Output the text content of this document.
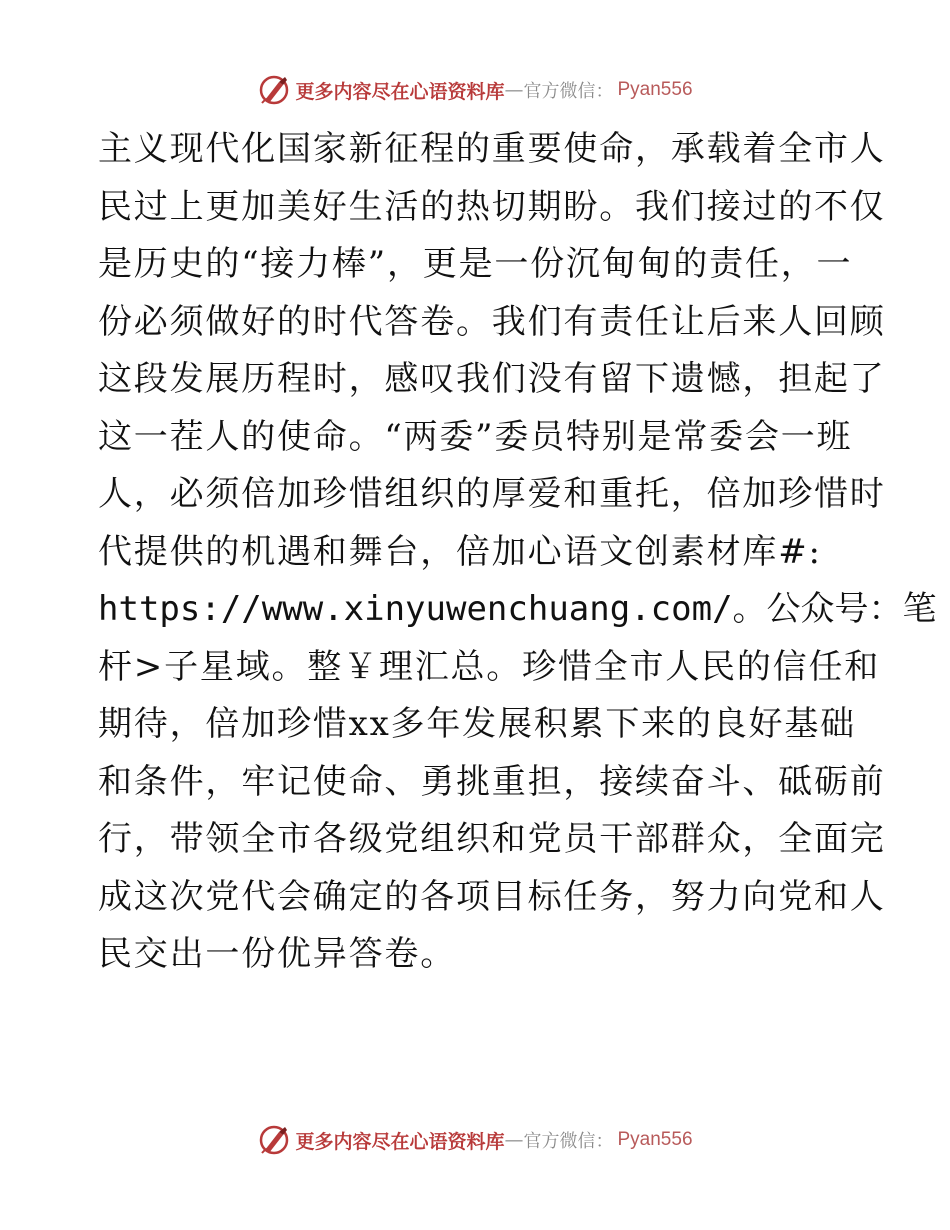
更多内容尽在心语资料库 — 官方微信： Pyan556
主义现代化国家新征程的重要使命，承载着全市人
民过上更加美好生活的热切期盼。我们接过的不仅
是历史的“接力棒”，更是一份沉甸甸的责任，一
份必须做好的时代答卷。我们有责任让后来人回顾
这段发展历程时，感叹我们没有留下遗憾，担起了
这一茬人的使命。“两委”委员特别是常委会一班
人，必须倍加珍惜组织的厚爱和重托，倍加珍惜时
代提供的机遇和舞台，倍加心语文创素材库#:
https://www.xinyuwenchuang.com/。公众号：笔
杆>子星域。整￥理汇总。珍惜全市人民的信任和
期待，倍加珍惜xx多年发展积累下来的良好基础
和条件，牢记使命、勇挑重担，接续奋斗、砥砺前
行，带领全市各级党组织和党员干部群众，全面完
成这次党代会确定的各项目标任务，努力向党和人
民交出一份优异答卷。
更多内容尽在心语资料库 — 官方微信： Pyan556
